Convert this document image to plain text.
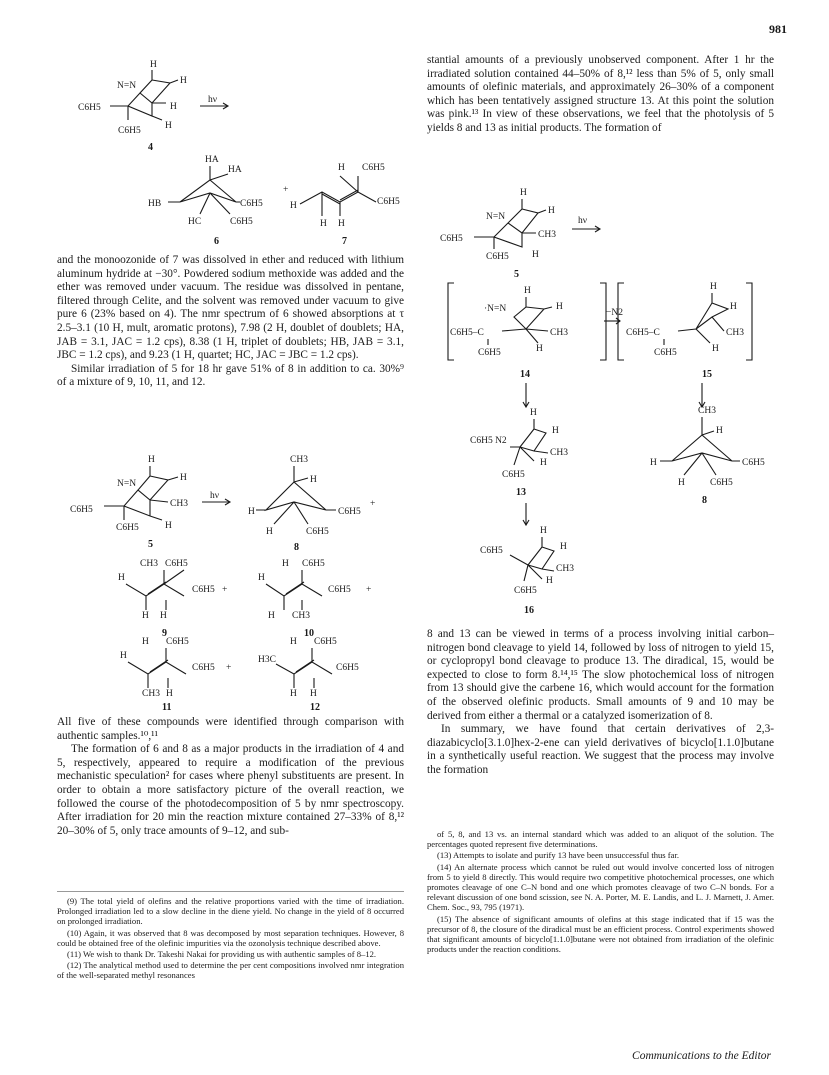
981
H
N=N	H
H
C6H5
H
C6H5
4
hν
HA
HA
HB	C6H5
HC	C6H5
6
+
H C6H5
H	C6H5
H H
7

and the monoozonide of 7 was dissolved in ether and reduced with lithium aluminum hydride at −30°. Powdered sodium methoxide was added and the ether was removed under vacuum. The residue was dissolved in pentane, filtered through Celite, and the solvent was removed under vacuum to give pure 6 (23% based on 4). The nmr spectrum of 6 showed absorptions at τ 2.5–3.1 (10 H, mult, aromatic protons), 7.98 (2 H, doublet of doublets; HA, JAB = 3.1, JAC = 1.2 cps), 8.38 (1 H, triplet of doublets; HB, JAB = 3.1, JBC = 1.2 cps), and 9.23 (1 H, quartet; HC, JAC = JBC = 1.2 cps).

Similar irradiation of 5 for 18 hr gave 51% of 8 in addition to ca. 30%⁹ of a mixture of 9, 10, 11, and 12.

H
N=N
H
CH3
C6H5
H
C6H5
5
hν
CH3
H
H	C6H5
H	C6H5
8
+
CH3 C6H5
H
C6H5
H H
9
+
H C6H5
H
C6H5
H CH3
10
+
H C6H5
H
C6H5
CH3 H
11
+
H C6H5
H3C
C6H5
H H
12

All five of these compounds were identified through comparison with authentic samples.¹⁰,¹¹

The formation of 6 and 8 as a major products in the irradiation of 4 and 5, respectively, appeared to require a modification of the previous mechanistic speculation² for cases where phenyl substituents are present. In order to obtain a more satisfactory picture of the overall reaction, we followed the course of the photodecomposition of 5 by nmr spectroscopy. After irradiation for 20 min the reaction mixture contained 27–33% of 8,¹² 20–30% of 5, only trace amounts of 9–12, and sub-

(9) The total yield of olefins and the relative proportions varied with the time of irradiation. Prolonged irradiation led to a slow decline in the diene yield. No change in the yield of 8 occurred on prolonged irradiation.

(10) Again, it was observed that 8 was decomposed by most separation techniques. However, 8 could be obtained free of the olefinic impurities via the ozonolysis technique described above.

(11) We wish to thank Dr. Takeshi Nakai for providing us with authentic samples of 8–12.

(12) The analytical method used to determine the per cent compositions involved nmr integration of the well-separated methyl resonances

stantial amounts of a previously unobserved component. After 1 hr the irradiated solution contained 44–50% of 8,¹² less than 5% of 5, only small amounts of olefinic materials, and approximately 26–30% of a component which has been tentatively assigned structure 13. At this point the solution was pink.¹³ In view of these observations, we feel that the photolysis of 5 yields 8 and 13 as initial products. The formation of

H
N=N
H
CH3
C6H5
H
C6H5
5
hν
H
·N=N	H
C6H5–C	CH3
C6H5	H
14
−N2
H
H
C6H5–C	CH3
C6H5	H
15
H
H
C6H5 N2
CH3
H
C6H5
13
CH3
H
H	C6H5
H	C6H5
8
H
H
C6H5
CH3
H
C6H5
16

8 and 13 can be viewed in terms of a process involving initial carbon–nitrogen bond cleavage to yield 14, followed by loss of nitrogen to yield 15, or cyclopropyl bond cleavage to produce 13. The diradical, 15, would be expected to close to form 8.¹⁴,¹⁵ The slow photochemical loss of nitrogen from 13 should give the carbene 16, which would account for the formation of the observed olefinic products. Small amounts of 9 and 10 may be derived from either a thermal or a catalyzed isomerization of 8.

In summary, we have found that certain derivatives of 2,3-diazabicyclo[3.1.0]hex-2-ene can yield derivatives of bicyclo[1.1.0]butane in a synthetically useful reaction. We suggest that the process may involve the formation

of 5, 8, and 13 vs. an internal standard which was added to an aliquot of the solution. The percentages quoted represent five determinations.

(13) Attempts to isolate and purify 13 have been unsuccessful thus far.

(14) An alternate process which cannot be ruled out would involve concerted loss of nitrogen from 5 to yield 8 directly. This would require two competitive photochemical processes, one which promotes cleavage of one C–N bond and one which promotes cleavage of two C–N bonds. For a relevant discussion of one bond scission, see N. A. Porter, M. E. Landis, and L. J. Marnett, J. Amer. Chem. Soc., 93, 795 (1971).

(15) The absence of significant amounts of olefins at this stage indicated that if 15 was the precursor of 8, the closure of the diradical must be an efficient process. Control experiments showed that significant amounts of bicyclo[1.1.0]butane were not obtained from irradiation of the olefinic products under the reaction conditions.

Communications to the Editor
